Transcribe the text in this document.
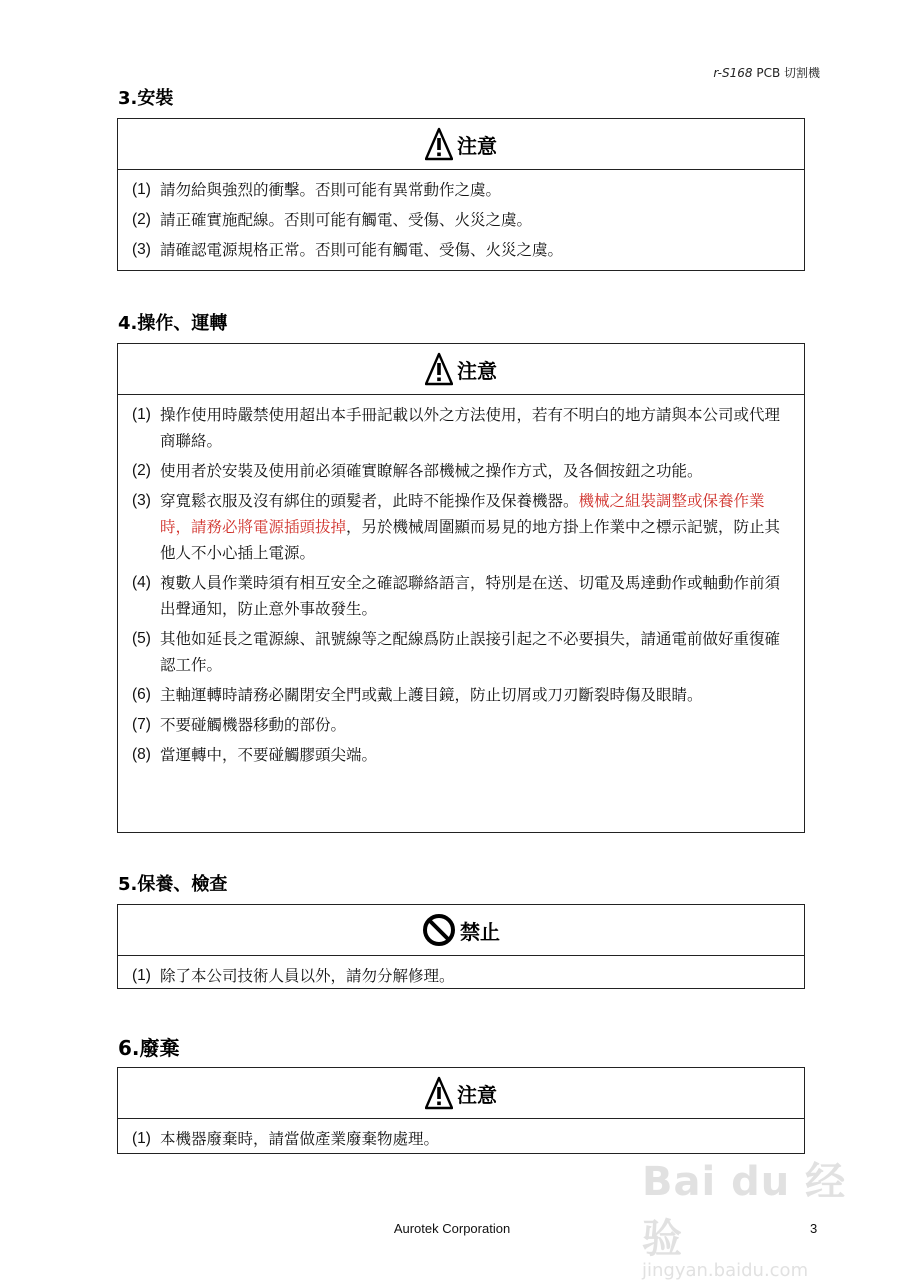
r-S168 PCB 切割機
3.安裝
注意
(1) 請勿給與強烈的衝擊。否則可能有異常動作之虞。
(2) 請正確實施配線。否則可能有觸電、受傷、火災之虞。
(3) 請確認電源規格正常。否則可能有觸電、受傷、火災之虞。
4.操作、運轉
注意
(1) 操作使用時嚴禁使用超出本手冊記載以外之方法使用，若有不明白的地方請與本公司或代理商聯絡。
(2) 使用者於安裝及使用前必須確實瞭解各部機械之操作方式，及各個按鈕之功能。
(3) 穿寬鬆衣服及沒有綁住的頭髮者，此時不能操作及保養機器。機械之組裝調整或保養作業時，請務必將電源插頭拔掉，另於機械周圍顯而易見的地方掛上作業中之標示記號，防止其他人不小心插上電源。
(4) 複數人員作業時須有相互安全之確認聯絡語言，特別是在送、切電及馬達動作或軸動作前須出聲通知，防止意外事故發生。
(5) 其他如延長之電源線、訊號線等之配線爲防止誤接引起之不必要損失，請通電前做好重復確認工作。
(6) 主軸運轉時請務必關閉安全門或戴上護目鏡，防止切屑或刀刃斷裂時傷及眼睛。
(7) 不要碰觸機器移動的部份。
(8) 當運轉中，不要碰觸膠頭尖端。
5.保養、檢查
禁止
(1) 除了本公司技術人員以外，請勿分解修理。
6.廢棄
注意
(1) 本機器廢棄時，請當做產業廢棄物處理。
Bai du 经验
jingyan.baidu.com
Aurotek Corporation	3
